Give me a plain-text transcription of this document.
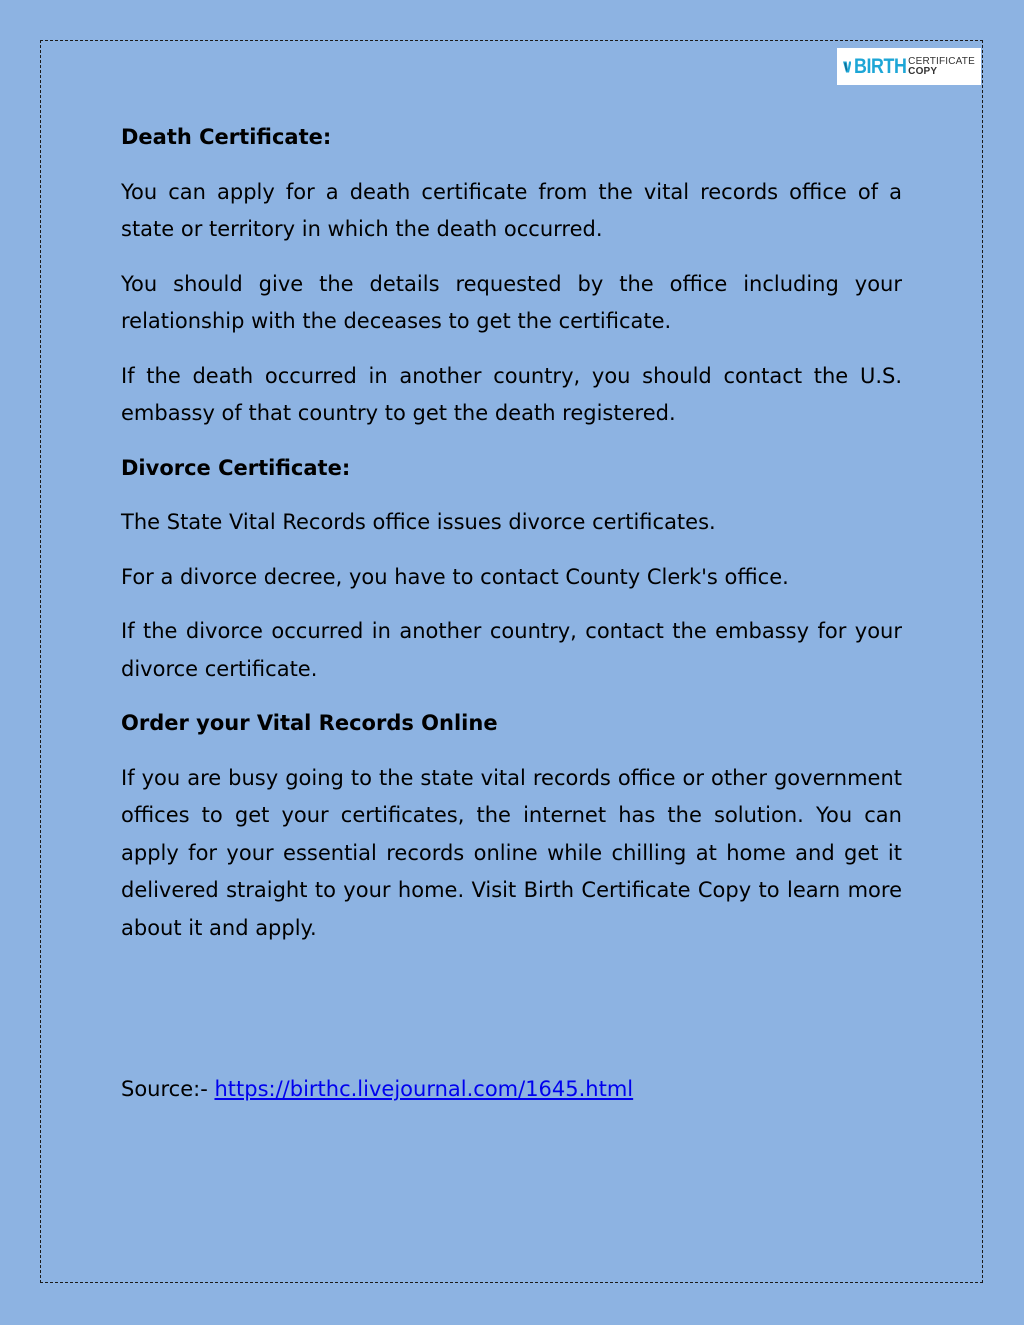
BIRTH CERTIFICATE
COPY
Death Certificate:

You can apply for a death certificate from the vital records office of a state or territory in which the death occurred.

You should give the details requested by the office including your relationship with the deceases to get the certificate.

If the death occurred in another country, you should contact the U.S. embassy of that country to get the death registered.

Divorce Certificate:

The State Vital Records office issues divorce certificates.

For a divorce decree, you have to contact County Clerk's office.

If the divorce occurred in another country, contact the embassy for your divorce certificate.

Order your Vital Records Online

If you are busy going to the state vital records office or other government offices to get your certificates, the internet has the solution. You can apply for your essential records online while chilling at home and get it delivered straight to your home. Visit Birth Certificate Copy to learn more about it and apply.

Source:- https://birthc.livejournal.com/1645.html
